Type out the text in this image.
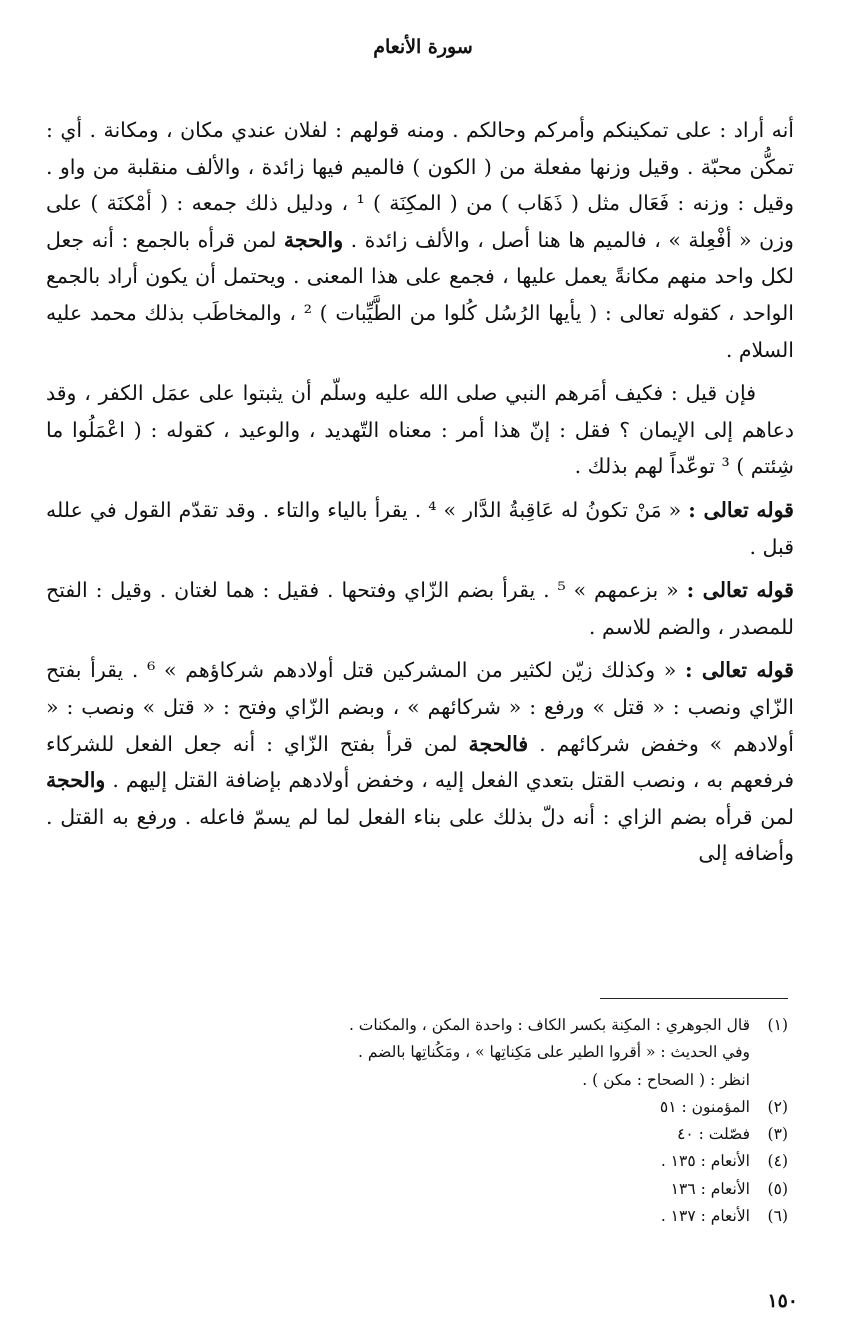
سورة الأنعام

أنه أراد : على تمكينكم وأمركم وحالكم . ومنه قولهم : لفلان عندي مكان ، ومكانة . أي : تمكُّن محبّة . وقيل وزنها مفعلة من ( الكون ) فالميم فيها زائدة ، والألف منقلبة من واو . وقيل : وزنه : فَعَال مثل ( ذَهَاب ) من ( المكِنَة ) ¹ ، ودليل ذلك جمعه : ( أمْكنَة ) على وزن « أفْعِلة » ، فالميم ها هنا أصل ، والألف زائدة . والحجة لمن قرأه بالجمع : أنه جعل لكل واحد منهم مكانةً يعمل عليها ، فجمع على هذا المعنى . ويحتمل أن يكون أراد بالجمع الواحد ، كقوله تعالى : ( يأيها الرُسُل كُلوا من الطَّيِّبات ) ² ، والمخاطَب بذلك محمد عليه السلام .

فإن قيل : فكيف أمَرهم النبي صلى الله عليه وسلّم أن يثبتوا على عمَل الكفر ، وقد دعاهم إلى الإيمان ؟ فقل : إنّ هذا أمر : معناه التّهديد ، والوعيد ، كقوله : ( اعْمَلُوا ما شِئتم ) ³ توعّداً لهم بذلك .

قوله تعالى : « مَنْ تكونُ له عَاقِبةُ الدَّار » ⁴ . يقرأ بالياء والتاء . وقد تقدّم القول في علله قبل .

قوله تعالى : « بزعمهم » ⁵ . يقرأ بضم الزّاي وفتحها . فقيل : هما لغتان . وقيل : الفتح للمصدر ، والضم للاسم .

قوله تعالى : « وكذلك زيّن لكثير من المشركين قتل أولادهم شركاؤهم » ⁶ . يقرأ بفتح الزّاي ونصب : « قتل » ورفع : « شركائهم » ، وبضم الزّاي وفتح : « قتل » ونصب : « أولادهم » وخفض شركائهم . فالحجة لمن قرأ بفتح الزّاي : أنه جعل الفعل للشركاء فرفعهم به ، ونصب القتل بتعدي الفعل إليه ، وخفض أولادهم بإضافة القتل إليهم . والحجة لمن قرأه بضم الزاي : أنه دلّ بذلك على بناء الفعل لما لم يسمّ فاعله . ورفع به القتل . وأضافه إلى

(١)
قال الجوهري : المكِنة بكسر الكاف : واحدة المكن ، والمكنات .
وفي الحديث : « أقروا الطير على مَكِناتِها » ، ومَكُناتِها بالضم .
انظر : ( الصحاح : مكن ) .
(٢)
المؤمنون : ٥١
(٣)
فصّلت : ٤٠
(٤)
الأنعام : ١٣٥ .
(٥)
الأنعام : ١٣٦
(٦)
الأنعام : ١٣٧ .
١٥٠
